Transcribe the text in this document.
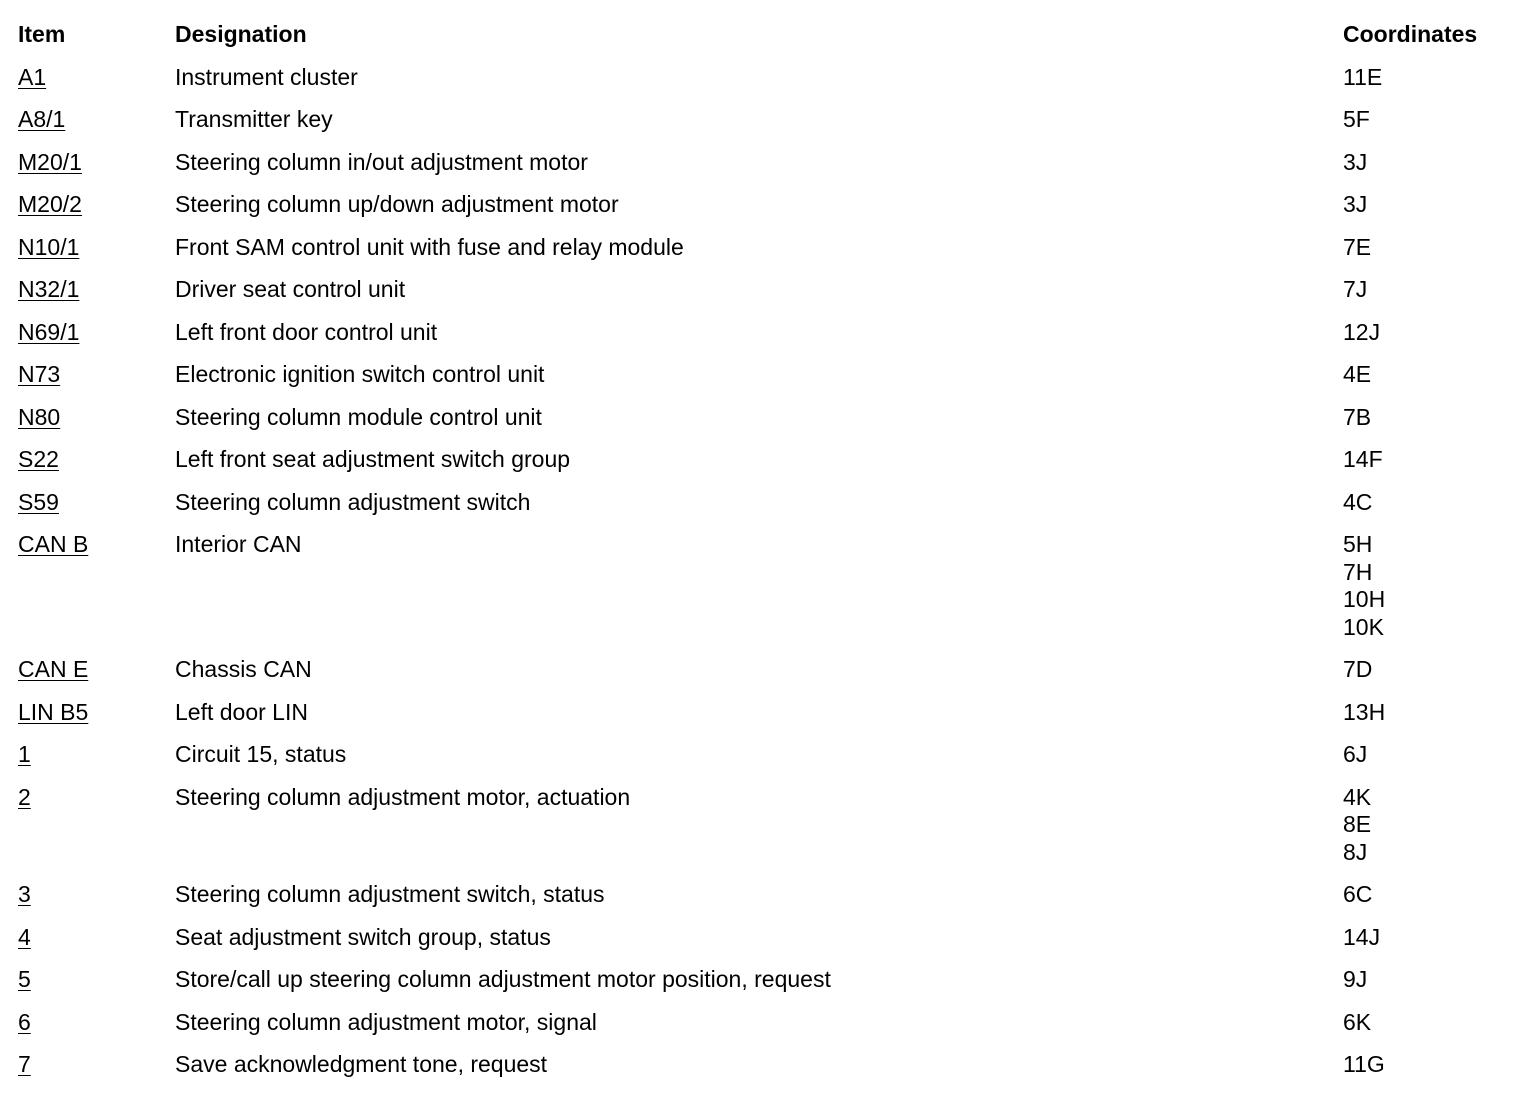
Item	Designation	Coordinates
A1	Instrument cluster	11E

A8/1	Transmitter key	5F

M20/1	Steering column in/out adjustment motor	3J

M20/2	Steering column up/down adjustment motor	3J

N10/1	Front SAM control unit with fuse and relay module	7E

N32/1	Driver seat control unit	7J

N69/1	Left front door control unit	12J

N73	Electronic ignition switch control unit	4E

N80	Steering column module control unit	7B

S22	Left front seat adjustment switch group	14F

S59	Steering column adjustment switch	4C

CAN B	Interior CAN	5H
7H
10H
10K

CAN E	Chassis CAN	7D

LIN B5	Left door LIN	13H

1	Circuit 15, status	6J

2	Steering column adjustment motor, actuation	4K
8E
8J

3	Steering column adjustment switch, status	6C

4	Seat adjustment switch group, status	14J

5	Store/call up steering column adjustment motor position, request	9J

6	Steering column adjustment motor, signal	6K

7	Save acknowledgment tone, request	11G
